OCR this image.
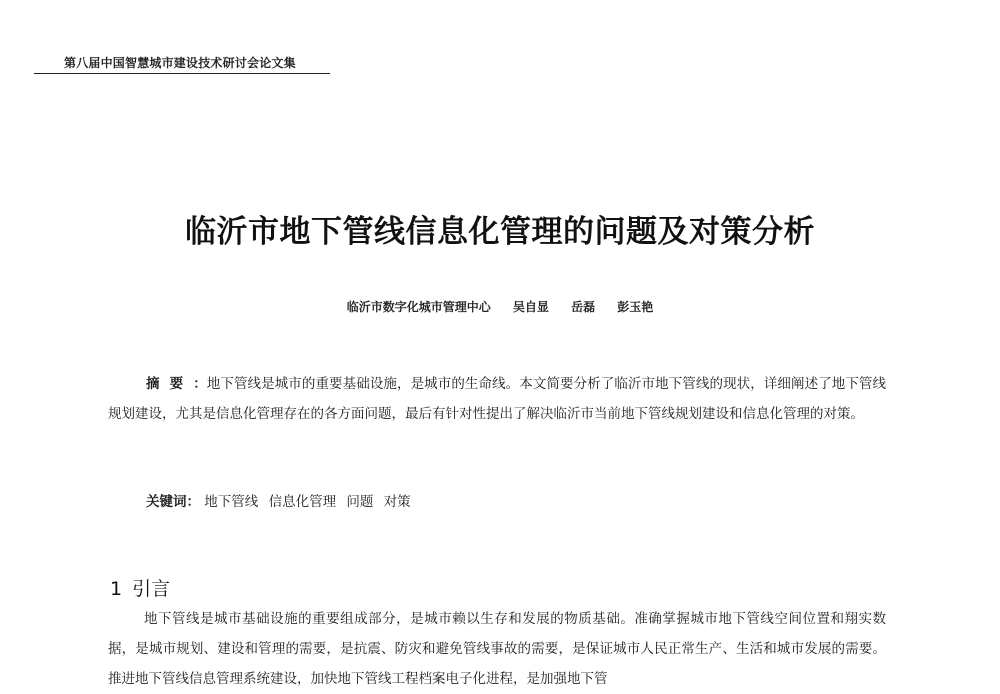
第八届中国智慧城市建设技术研讨会论文集
临沂市地下管线信息化管理的问题及对策分析
临沂市数字化城市管理中心 吴自显 岳磊 彭玉艳

摘要：地下管线是城市的重要基础设施，是城市的生命线。本文简要分析了临沂市地下管线的现状，详细阐述了地下管线规划建设，尤其是信息化管理存在的各方面问题，最后有针对性提出了解决临沂市当前地下管线规划建设和信息化管理的对策。

关键词： 地下管线 信息化管理 问题 对策
1 引言

地下管线是城市基础设施的重要组成部分，是城市赖以生存和发展的物质基础。准确掌握城市地下管线空间位置和翔实数据，是城市规划、建设和管理的需要，是抗震、防灾和避免管线事故的需要，是保证城市人民正常生产、生活和城市发展的需要。推进地下管线信息管理系统建设，加快地下管线工程档案电子化进程，是加强地下管
